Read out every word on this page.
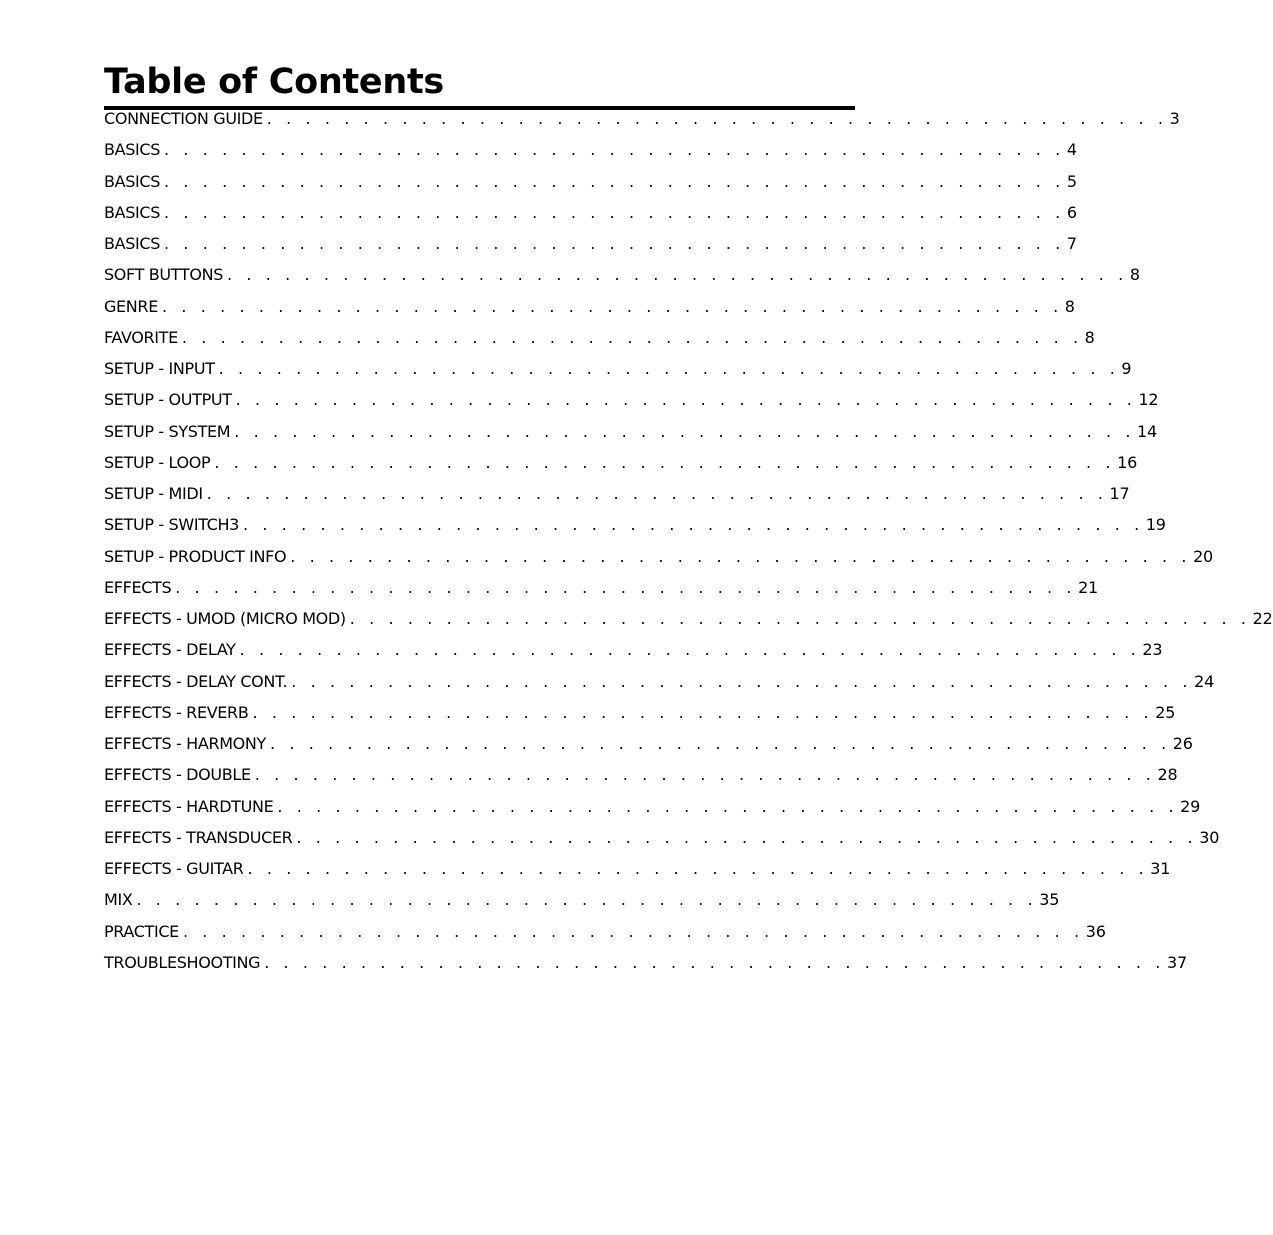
Table of Contents
CONNECTION GUIDE . . . . . . . . . . . . . . . . . . . . . . . . . . . . . . . . . . . . . . . . . . . . . . . 3
BASICS . . . . . . . . . . . . . . . . . . . . . . . . . . . . . . . . . . . . . . . . . . . . . . . 4
BASICS . . . . . . . . . . . . . . . . . . . . . . . . . . . . . . . . . . . . . . . . . . . . . . . 5
BASICS . . . . . . . . . . . . . . . . . . . . . . . . . . . . . . . . . . . . . . . . . . . . . . . 6
BASICS . . . . . . . . . . . . . . . . . . . . . . . . . . . . . . . . . . . . . . . . . . . . . . . 7
SOFT BUTTONS . . . . . . . . . . . . . . . . . . . . . . . . . . . . . . . . . . . . . . . . . . . . . . . 8
GENRE . . . . . . . . . . . . . . . . . . . . . . . . . . . . . . . . . . . . . . . . . . . . . . . 8
FAVORITE . . . . . . . . . . . . . . . . . . . . . . . . . . . . . . . . . . . . . . . . . . . . . . . 8
SETUP - INPUT . . . . . . . . . . . . . . . . . . . . . . . . . . . . . . . . . . . . . . . . . . . . . . . 9
SETUP - OUTPUT . . . . . . . . . . . . . . . . . . . . . . . . . . . . . . . . . . . . . . . . . . . . . . . 12
SETUP - SYSTEM . . . . . . . . . . . . . . . . . . . . . . . . . . . . . . . . . . . . . . . . . . . . . . . 14
SETUP - LOOP . . . . . . . . . . . . . . . . . . . . . . . . . . . . . . . . . . . . . . . . . . . . . . . 16
SETUP - MIDI . . . . . . . . . . . . . . . . . . . . . . . . . . . . . . . . . . . . . . . . . . . . . . . 17
SETUP - SWITCH3 . . . . . . . . . . . . . . . . . . . . . . . . . . . . . . . . . . . . . . . . . . . . . . . 19
SETUP - PRODUCT INFO . . . . . . . . . . . . . . . . . . . . . . . . . . . . . . . . . . . . . . . . . . . . . . . 20
EFFECTS . . . . . . . . . . . . . . . . . . . . . . . . . . . . . . . . . . . . . . . . . . . . . . . 21
EFFECTS - UMOD (MICRO MOD) . . . . . . . . . . . . . . . . . . . . . . . . . . . . . . . . . . . . . . . . . . . . . . . 22
EFFECTS - DELAY . . . . . . . . . . . . . . . . . . . . . . . . . . . . . . . . . . . . . . . . . . . . . . . 23
EFFECTS - DELAY CONT. . . . . . . . . . . . . . . . . . . . . . . . . . . . . . . . . . . . . . . . . . . . . . . . 24
EFFECTS - REVERB . . . . . . . . . . . . . . . . . . . . . . . . . . . . . . . . . . . . . . . . . . . . . . . 25
EFFECTS - HARMONY . . . . . . . . . . . . . . . . . . . . . . . . . . . . . . . . . . . . . . . . . . . . . . . 26
EFFECTS - DOUBLE . . . . . . . . . . . . . . . . . . . . . . . . . . . . . . . . . . . . . . . . . . . . . . . 28
EFFECTS - HARDTUNE . . . . . . . . . . . . . . . . . . . . . . . . . . . . . . . . . . . . . . . . . . . . . . . 29
EFFECTS - TRANSDUCER . . . . . . . . . . . . . . . . . . . . . . . . . . . . . . . . . . . . . . . . . . . . . . . 30
EFFECTS - GUITAR . . . . . . . . . . . . . . . . . . . . . . . . . . . . . . . . . . . . . . . . . . . . . . . 31
MIX . . . . . . . . . . . . . . . . . . . . . . . . . . . . . . . . . . . . . . . . . . . . . . . 35
PRACTICE . . . . . . . . . . . . . . . . . . . . . . . . . . . . . . . . . . . . . . . . . . . . . . . 36
TROUBLESHOOTING . . . . . . . . . . . . . . . . . . . . . . . . . . . . . . . . . . . . . . . . . . . . . . . 37
